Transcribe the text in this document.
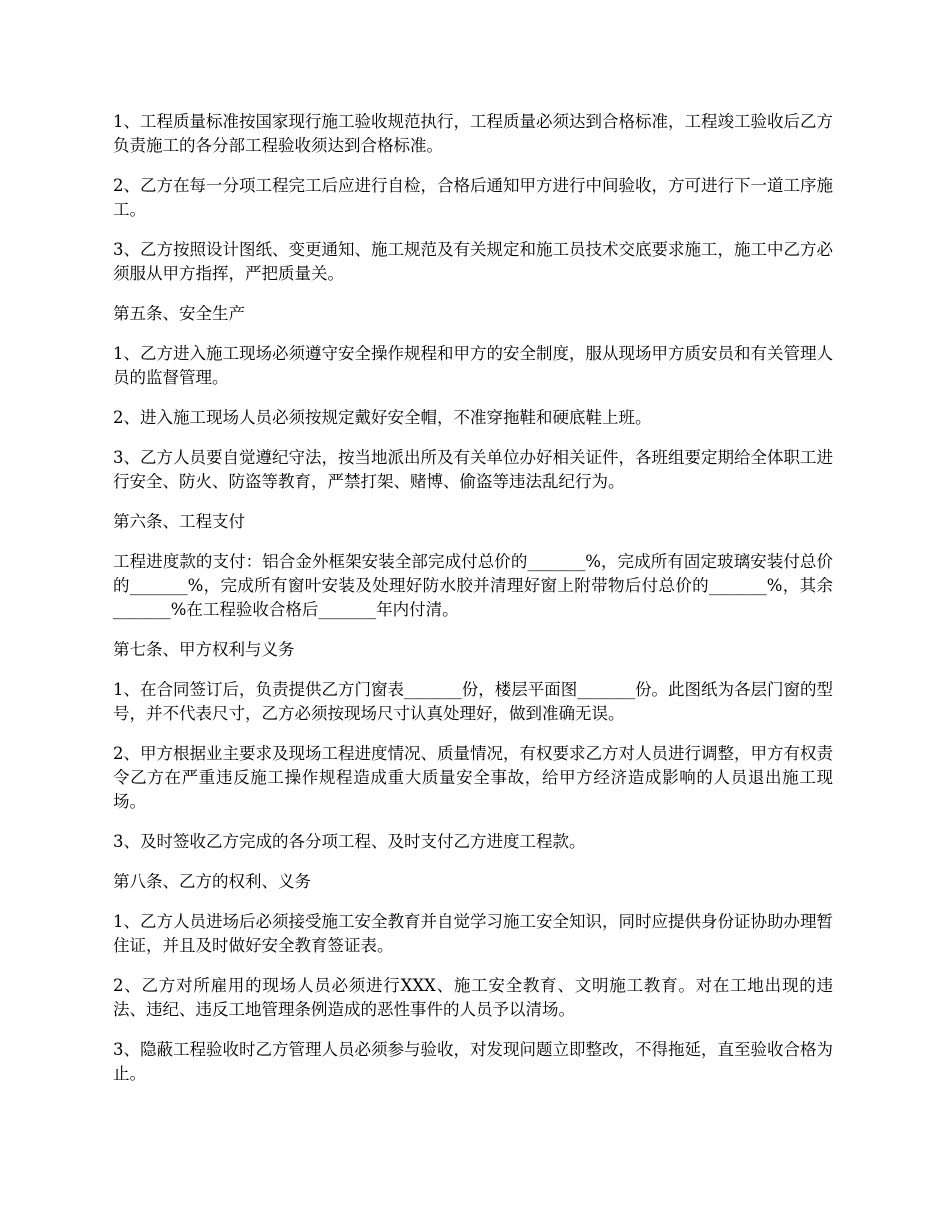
1、工程质量标准按国家现行施工验收规范执行，工程质量必须达到合格标准，工程竣工验收后乙方负责施工的各分部工程验收须达到合格标准。

2、乙方在每一分项工程完工后应进行自检，合格后通知甲方进行中间验收，方可进行下一道工序施工。

3、乙方按照设计图纸、变更通知、施工规范及有关规定和施工员技术交底要求施工，施工中乙方必须服从甲方指挥，严把质量关。

第五条、安全生产

1、乙方进入施工现场必须遵守安全操作规程和甲方的安全制度，服从现场甲方质安员和有关管理人员的监督管理。

2、进入施工现场人员必须按规定戴好安全帽，不准穿拖鞋和硬底鞋上班。

3、乙方人员要自觉遵纪守法，按当地派出所及有关单位办好相关证件，各班组要定期给全体职工进行安全、防火、防盗等教育，严禁打架、赌博、偷盗等违法乱纪行为。

第六条、工程支付

工程进度款的支付：铝合金外框架安装全部完成付总价的_______%，完成所有固定玻璃安装付总价的_______%，完成所有窗叶安装及处理好防水胶并清理好窗上附带物后付总价的_______%，其余_______%在工程验收合格后_______年内付清。

第七条、甲方权利与义务

1、在合同签订后，负责提供乙方门窗表_______份，楼层平面图_______份。此图纸为各层门窗的型号，并不代表尺寸，乙方必须按现场尺寸认真处理好，做到准确无误。

2、甲方根据业主要求及现场工程进度情况、质量情况，有权要求乙方对人员进行调整，甲方有权责令乙方在严重违反施工操作规程造成重大质量安全事故，给甲方经济造成影响的人员退出施工现场。

3、及时签收乙方完成的各分项工程、及时支付乙方进度工程款。

第八条、乙方的权利、义务

1、乙方人员进场后必须接受施工安全教育并自觉学习施工安全知识，同时应提供身份证协助办理暂住证，并且及时做好安全教育签证表。

2、乙方对所雇用的现场人员必须进行XXX、施工安全教育、文明施工教育。对在工地出现的违法、违纪、违反工地管理条例造成的恶性事件的人员予以清场。

3、隐蔽工程验收时乙方管理人员必须参与验收，对发现问题立即整改，不得拖延，直至验收合格为止。
